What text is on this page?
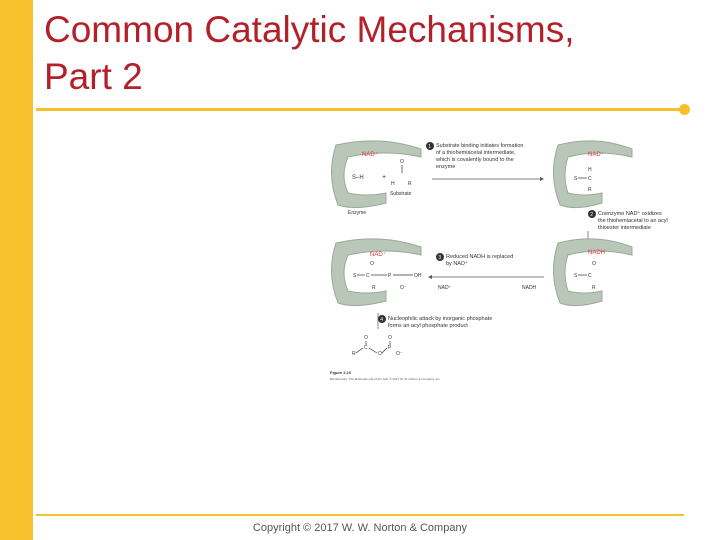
Common Catalytic Mechanisms,
Part 2
NAD⁺
S–H	+
O
H	R
Substrate
Enzyme
1 Substrate binding initiates formation of a thiohemiacetal intermediate, which is covalently bound to the enzyme
NAD⁺
S C
H
R
2 Coenzyme NAD⁺ oxidizes the thiohemiacetal to an acyl thioester intermediate
NAD⁺
S C
O
R
P	OH
O⁻
3 Reduced NADH is replaced by NAD⁺
NAD⁺	NADH
NADH
S C
O
R
4 Nucleophilic attack by inorganic phosphate forms an acyl phosphate product
R
C
O
O
P
O
O⁻
Figure 2.10
Biochemistry: The Molecular Life of the Cell, © 2017 W. W. Norton & Company, Inc.
Copyright © 2017 W. W. Norton & Company
